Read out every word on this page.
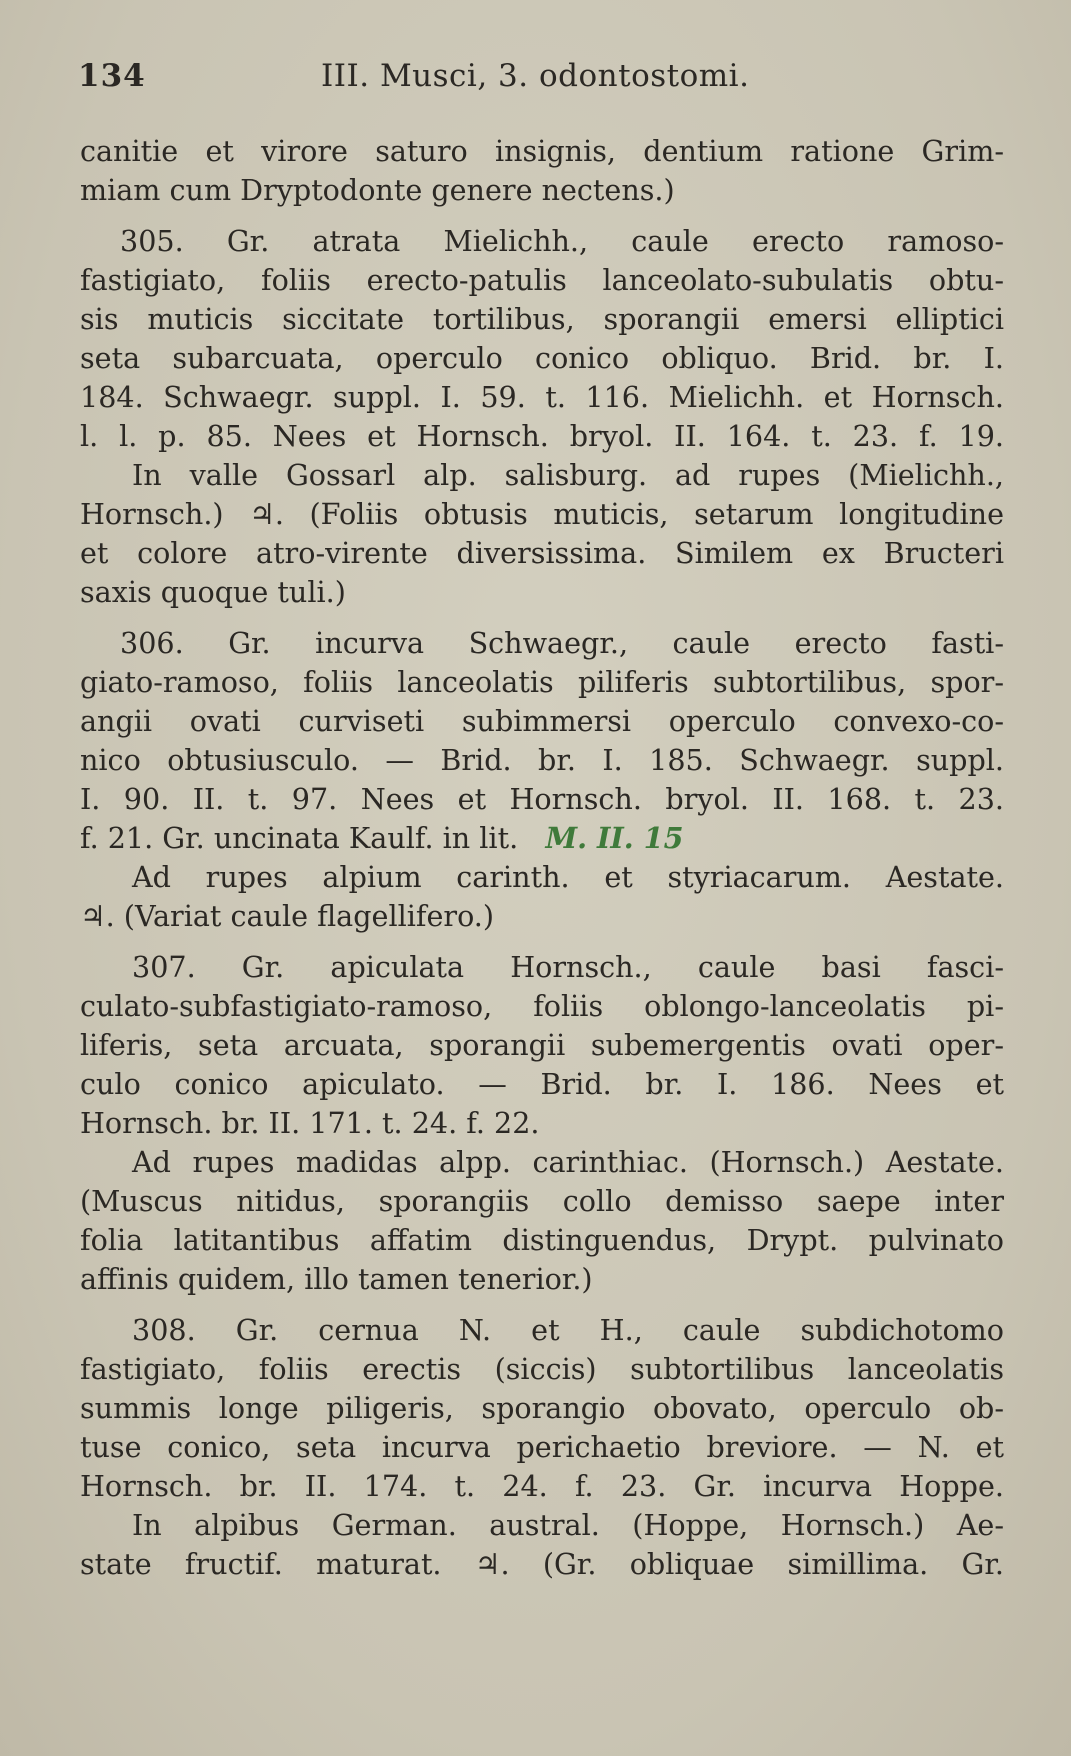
134	III. Musci, 3. odontostomi.
canitie et virore saturo insignis, dentium ratione Grim-
miam cum Dryptodonte genere nectens.)
305. Gr. atrata Mielichh., caule erecto ramoso-
fastigiato, foliis erecto-patulis lanceolato-subulatis obtu-
sis muticis siccitate tortilibus, sporangii emersi elliptici
seta subarcuata, operculo conico obliquo. Brid. br. I.
184. Schwaegr. suppl. I. 59. t. 116. Mielichh. et Hornsch.
l. l. p. 85. Nees et Hornsch. bryol. II. 164. t. 23. f. 19.
In valle Gossarl alp. salisburg. ad rupes (Mielichh.,
Hornsch.) ♃. (Foliis obtusis muticis, setarum longitudine
et colore atro-virente diversissima. Similem ex Bructeri
saxis quoque tuli.)
306. Gr. incurva Schwaegr., caule erecto fasti-
giato-ramoso, foliis lanceolatis piliferis subtortilibus, spor-
angii ovati curviseti subimmersi operculo convexo-co-
nico obtusiusculo. — Brid. br. I. 185. Schwaegr. suppl.
I. 90. II. t. 97. Nees et Hornsch. bryol. II. 168. t. 23.
f. 21. Gr. uncinata Kaulf. in lit. M. II. 15
Ad rupes alpium carinth. et styriacarum. Aestate.
♃. (Variat caule flagellifero.)
307. Gr. apiculata Hornsch., caule basi fasci-
culato-subfastigiato-ramoso, foliis oblongo-lanceolatis pi-
liferis, seta arcuata, sporangii subemergentis ovati oper-
culo conico apiculato. — Brid. br. I. 186. Nees et
Hornsch. br. II. 171. t. 24. f. 22.
Ad rupes madidas alpp. carinthiac. (Hornsch.) Aestate.
(Muscus nitidus, sporangiis collo demisso saepe inter
folia latitantibus affatim distinguendus, Drypt. pulvinato
affinis quidem, illo tamen tenerior.)
308. Gr. cernua N. et H., caule subdichotomo
fastigiato, foliis erectis (siccis) subtortilibus lanceolatis
summis longe piligeris, sporangio obovato, operculo ob-
tuse conico, seta incurva perichaetio breviore. — N. et
Hornsch. br. II. 174. t. 24. f. 23. Gr. incurva Hoppe.
In alpibus German. austral. (Hoppe, Hornsch.) Ae-
state fructif. maturat. ♃. (Gr. obliquae simillima. Gr.
